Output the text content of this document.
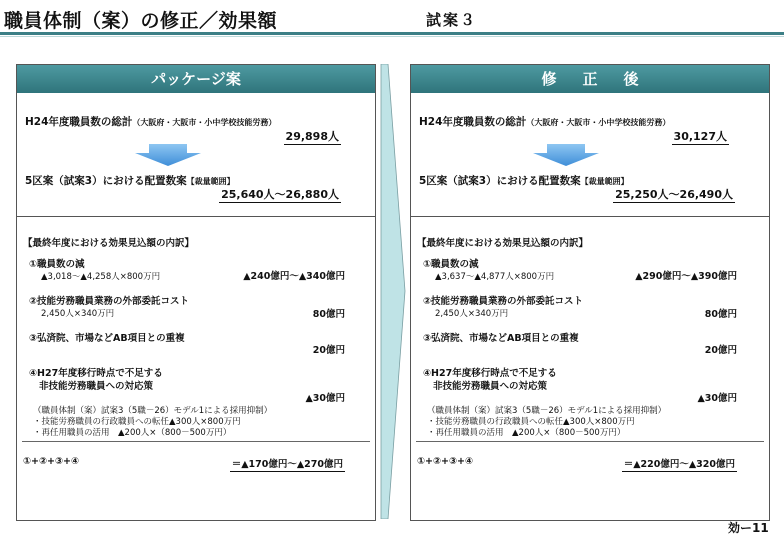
職員体制（案）の修正／効果額	試案３
パッケージ案
H24年度職員数の総計（大阪府・大阪市・小中学校技能労務）
29,898人
5区案（試案3）における配置数案【裁量範囲】
25,640人～26,880人
【最終年度における効果見込額の内訳】
①職員数の減
▲3,018～▲4,258人×800万円	▲240億円～▲340億円
②技能労務職員業務の外部委託コスト
2,450人×340万円	80億円
③弘済院、市場などAB項目との重複
20億円
④H27年度移行時点で不足する
非技能労務職員への対応策
▲30億円
（職員体制（案）試案3（5職－26）モデル1による採用抑制）
・技能労務職員の行政職員への転任▲300人×800万円
・再任用職員の活用　▲200人×（800－500万円）
①+②+③+④	＝▲170億円～▲270億円
修正後
H24年度職員数の総計（大阪府・大阪市・小中学校技能労務）
30,127人
5区案（試案3）における配置数案【裁量範囲】
25,250人～26,490人
【最終年度における効果見込額の内訳】
①職員数の減
▲3,637～▲4,877人×800万円	▲290億円～▲390億円
②技能労務職員業務の外部委託コスト
2,450人×340万円	80億円
③弘済院、市場などAB項目との重複
20億円
④H27年度移行時点で不足する
非技能労務職員への対応策
▲30億円
（職員体制（案）試案3（5職－26）モデル1による採用抑制）
・技能労務職員の行政職員への転任▲300人×800万円
・再任用職員の活用　▲200人×（800－500万円）
①+②+③+④	＝▲220億円～▲320億円
効ー11
